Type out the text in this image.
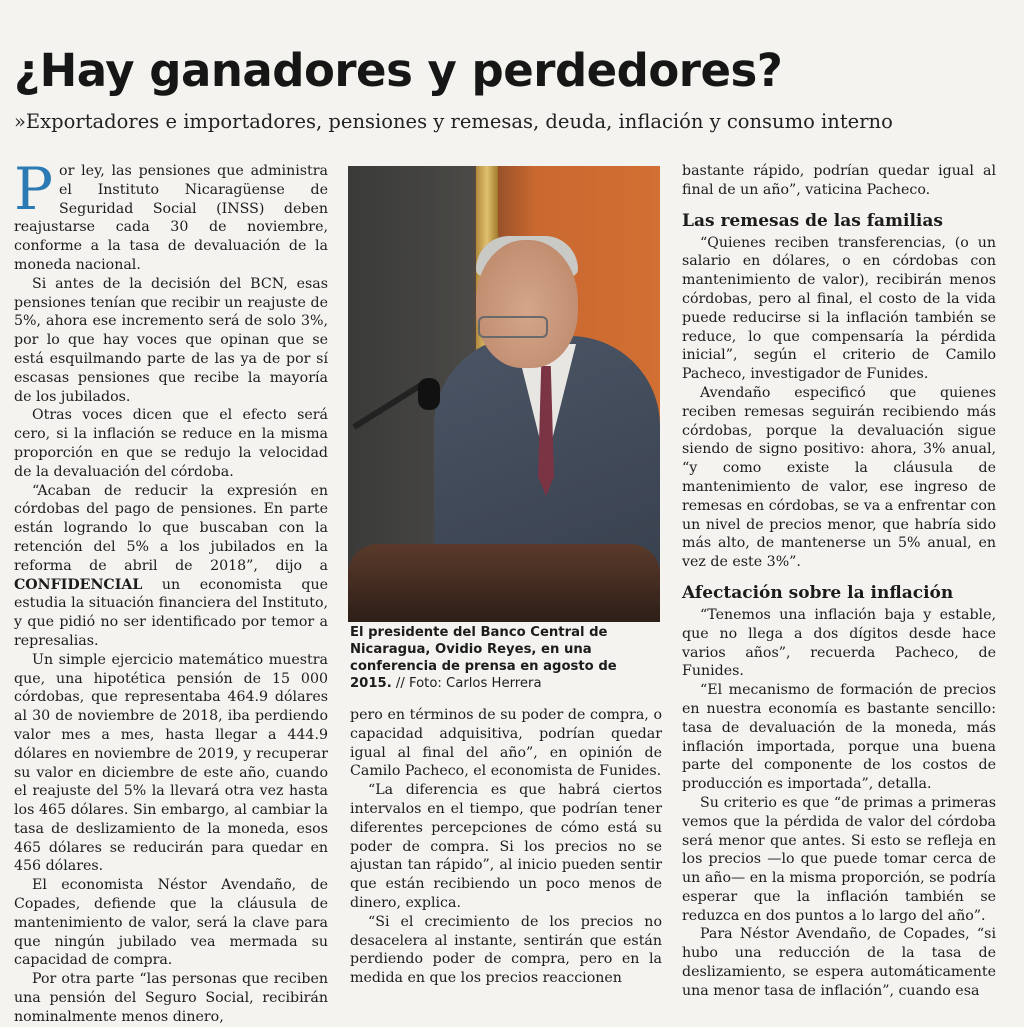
¿Hay ganadores y perdedores?
»Exportadores e importadores, pensiones y remesas, deuda, inflación y consumo interno

Por ley, las pensiones que administra el Instituto Nicaragüense de Seguridad Social (INSS) deben reajustarse cada 30 de noviembre, conforme a la tasa de devaluación de la moneda nacional.

Si antes de la decisión del BCN, esas pensiones tenían que recibir un reajuste de 5%, ahora ese incremento será de solo 3%, por lo que hay voces que opinan que se está esquilmando parte de las ya de por sí escasas pensiones que recibe la mayoría de los jubilados.

Otras voces dicen que el efecto será cero, si la inflación se reduce en la misma proporción en que se redujo la velocidad de la devaluación del córdoba.

“Acaban de reducir la expresión en córdobas del pago de pensiones. En parte están logrando lo que buscaban con la retención del 5% a los jubilados en la reforma de abril de 2018”, dijo a CONFIDENCIAL un economista que estudia la situación financiera del Instituto, y que pidió no ser identificado por temor a represalias.

Un simple ejercicio matemático muestra que, una hipotética pensión de 15 000 córdobas, que representaba 464.9 dólares al 30 de noviembre de 2018, iba perdiendo valor mes a mes, hasta llegar a 444.9 dólares en noviembre de 2019, y recuperar su valor en diciembre de este año, cuando el reajuste del 5% la llevará otra vez hasta los 465 dólares. Sin embargo, al cambiar la tasa de deslizamiento de la moneda, esos 465 dólares se reducirán para quedar en 456 dólares.

El economista Néstor Avendaño, de Copades, defiende que la cláusula de mantenimiento de valor, será la clave para que ningún jubilado vea mermada su capacidad de compra.

Por otra parte “las personas que reciben una pensión del Seguro Social, recibirán nominalmente menos dinero,

El presidente del Banco Central de Nicaragua, Ovidio Reyes, en una conferencia de prensa en agosto de 2015. // Foto: Carlos Herrera

pero en términos de su poder de compra, o capacidad adquisitiva, podrían quedar igual al final del año”, en opinión de Camilo Pacheco, el economista de Funides.

“La diferencia es que habrá ciertos intervalos en el tiempo, que podrían tener diferentes percepciones de cómo está su poder de compra. Si los precios no se ajustan tan rápido”, al inicio pueden sentir que están recibiendo un poco menos de dinero, explica.

“Si el crecimiento de los precios no desacelera al instante, sentirán que están perdiendo poder de compra, pero en la medida en que los precios reaccionen

bastante rápido, podrían quedar igual al final de un año”, vaticina Pacheco.

Las remesas de las familias

“Quienes reciben transferencias, (o un salario en dólares, o en córdobas con mantenimiento de valor), recibirán menos córdobas, pero al final, el costo de la vida puede reducirse si la inflación también se reduce, lo que compensaría la pérdida inicial”, según el criterio de Camilo Pacheco, investigador de Funides.

Avendaño especificó que quienes reciben remesas seguirán recibiendo más córdobas, porque la devaluación sigue siendo de signo positivo: ahora, 3% anual, “y como existe la cláusula de mantenimiento de valor, ese ingreso de remesas en córdobas, se va a enfrentar con un nivel de precios menor, que habría sido más alto, de mantenerse un 5% anual, en vez de este 3%”.

Afectación sobre la inflación

“Tenemos una inflación baja y estable, que no llega a dos dígitos desde hace varios años”, recuerda Pacheco, de Funides.

“El mecanismo de formación de precios en nuestra economía es bastante sencillo: tasa de devaluación de la moneda, más inflación importada, porque una buena parte del componente de los costos de producción es importada”, detalla.

Su criterio es que “de primas a primeras vemos que la pérdida de valor del córdoba será menor que antes. Si esto se refleja en los precios —lo que puede tomar cerca de un año— en la misma proporción, se podría esperar que la inflación también se reduzca en dos puntos a lo largo del año”.

Para Néstor Avendaño, de Copades, “si hubo una reducción de la tasa de deslizamiento, se espera automáticamente una menor tasa de inflación”, cuando esa
